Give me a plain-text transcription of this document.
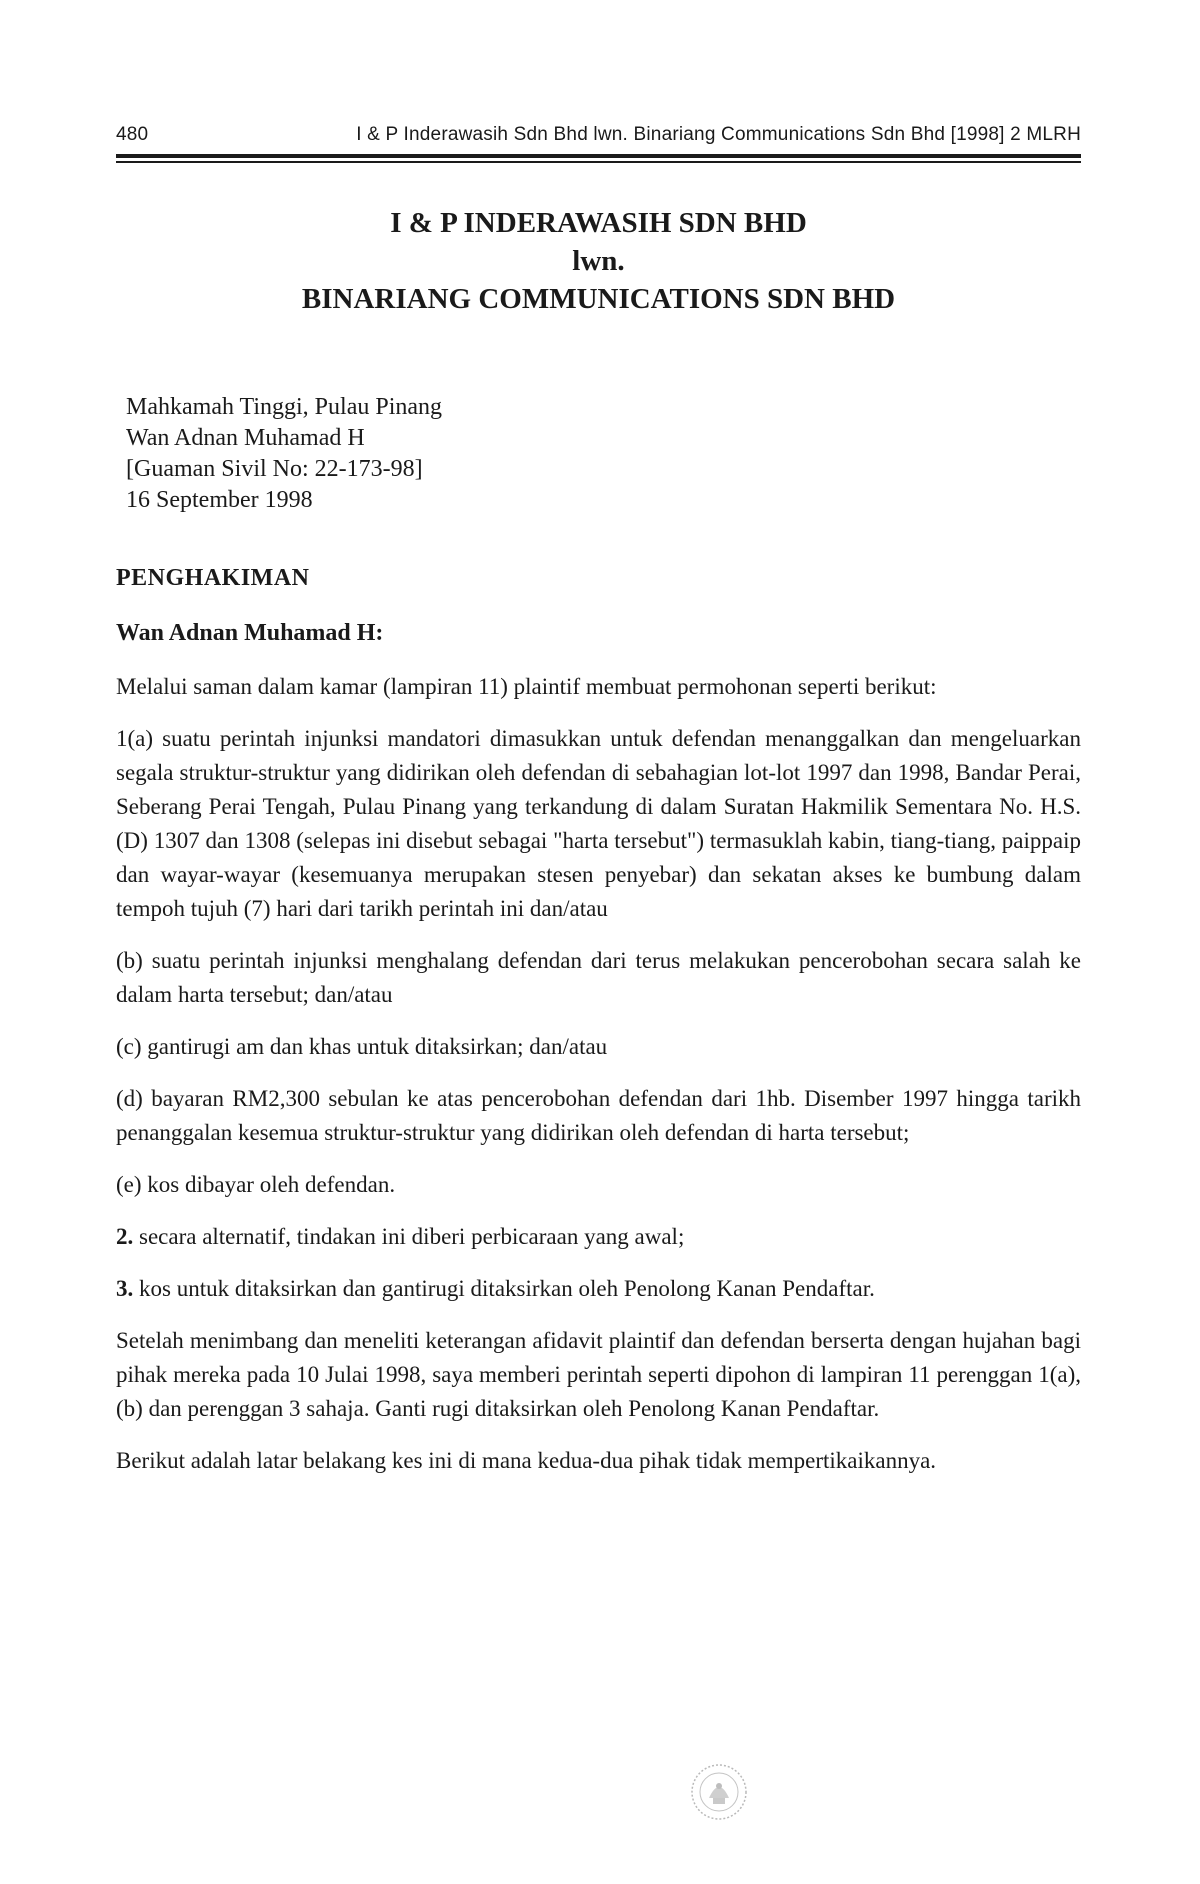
480	I & P Inderawasih Sdn Bhd lwn. Binariang Communications Sdn Bhd [1998] 2 MLRH
I & P INDERAWASIH SDN BHD
lwn.
BINARIANG COMMUNICATIONS SDN BHD
Mahkamah Tinggi, Pulau Pinang
Wan Adnan Muhamad H
[Guaman Sivil No: 22-173-98]
16 September 1998
PENGHAKIMAN
Wan Adnan Muhamad H:

Melalui saman dalam kamar (lampiran 11) plaintif membuat permohonan seperti berikut:

1(a) suatu perintah injunksi mandatori dimasukkan untuk defendan menanggalkan dan mengeluarkan segala struktur-struktur yang didirikan oleh defendan di sebahagian lot-lot 1997 dan 1998, Bandar Perai, Seberang Perai Tengah, Pulau Pinang yang terkandung di dalam Suratan Hakmilik Sementara No. H.S.(D) 1307 dan 1308 (selepas ini disebut sebagai "harta tersebut") termasuklah kabin, tiang-tiang, paippaip dan wayar-wayar (kesemuanya merupakan stesen penyebar) dan sekatan akses ke bumbung dalam tempoh tujuh (7) hari dari tarikh perintah ini dan/atau

(b) suatu perintah injunksi menghalang defendan dari terus melakukan pencerobohan secara salah ke dalam harta tersebut; dan/atau

(c) gantirugi am dan khas untuk ditaksirkan; dan/atau

(d) bayaran RM2,300 sebulan ke atas pencerobohan defendan dari 1hb. Disember 1997 hingga tarikh penanggalan kesemua struktur-struktur yang didirikan oleh defendan di harta tersebut;

(e) kos dibayar oleh defendan.

2. secara alternatif, tindakan ini diberi perbicaraan yang awal;

3. kos untuk ditaksirkan dan gantirugi ditaksirkan oleh Penolong Kanan Pendaftar.

Setelah menimbang dan meneliti keterangan afidavit plaintif dan defendan berserta dengan hujahan bagi pihak mereka pada 10 Julai 1998, saya memberi perintah seperti dipohon di lampiran 11 perenggan 1(a), (b) dan perenggan 3 sahaja. Ganti rugi ditaksirkan oleh Penolong Kanan Pendaftar.

Berikut adalah latar belakang kes ini di mana kedua-dua pihak tidak mempertikaikannya.
